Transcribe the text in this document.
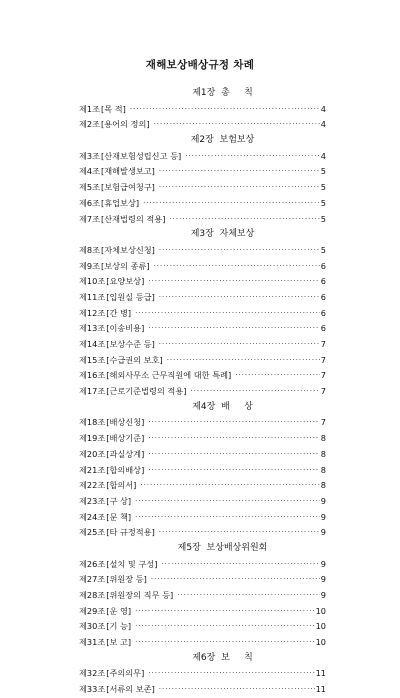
재해보상배상규정 차례
제1장  총     칙
제1조 [목 적] ·····	4
제2조 [용어의 정의] ·····	4
제2장  보험보상
제3조 [산재보험성립신고 등] ·····	4
제4조 [재해발생보고] ·····	5
제5조 [보험급여청구] ·····	5
제6조 [휴업보상] ·····	5
제7조 [산재법령의 적용] ·····	5
제3장  자체보상
제8조 [자체보상신청] ·····	5
제9조 [보상의 종류] ·····	6
제10조 [요양보상] ·····	6
제11조 [입원실 등급] ·····	6
제12조 [간 병] ·····	6
제13조 [이송비용] ·····	6
제14조 [보상수준 등] ·····	7
제15조 [수급권의 보호] ·····	7
제16조 [해외사무소 근무직원에 대한 특례] ·····	7
제17조 [근로기준법령의 적용] ·····	7
제4장  배     상
제18조 [배상신청] ·····	7
제19조 [배상기준] ·····	8
제20조 [과실상계] ·····	8
제21조 [합의배상] ·····	8
제22조 [합의서] ·····	8
제23조 [구 상] ·····	9
제24조 [문 책] ·····	9
제25조 [타 규정적용] ·····	9
제5장  보상배상위원회
제26조 [설치 및 구성] ·····	9
제27조 [위원장 등] ·····	9
제28조 [위원장의 직무 등] ·····	9
제29조 [운 영] ·····	10
제30조 [기 능] ·····	10
제31조 [보 고] ·····	10
제6장  보     칙
제32조 [주의의무] ·····	11
제33조 [서류의 보존] ·····	11
